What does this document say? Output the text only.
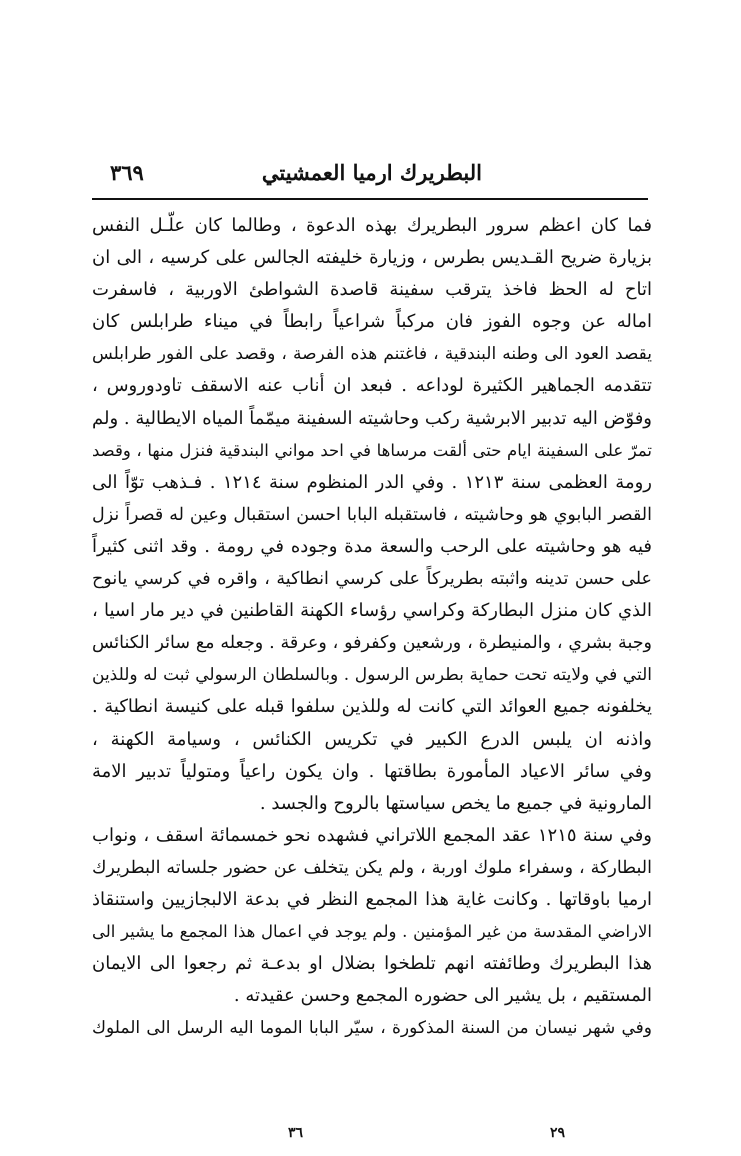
البطريرك ارميا العمشيتي
٣٦٩
فما كان اعظم سرور البطريرك بهذه الدعوة ، وطالما كان علّـل النفس
بزيارة ضريح القـديس بطرس ، وزيارة خليفته الجالس على كرسيه ، الى ان
اتاح له الحظ فاخذ يترقب سفينة قاصدة الشواطئ الاوربية ، فاسفرت
اماله عن وجوه الفوز فان مركباً شراعياً رابطاً في ميناء طرابلس كان
يقصد العود الى وطنه البندقية ، فاغتنم هذه الفرصة ، وقصد على الفور طرابلس
تتقدمه الجماهير الكثيرة لوداعه . فبعد ان أناب عنه الاسقف تاودوروس ،
وفوّض اليه تدبير الابرشية ركب وحاشيته السفينة ميمّماً المياه الايطالية . ولم
تمرّ على السفينة ايام حتى ألقت مرساها في احد مواني البندقية فنزل منها ، وقصد
رومة العظمى سنة ١٢١٣ . وفي الدر المنظوم سنة ١٢١٤ . فـذهب توّاً الى
القصر البابوي هو وحاشيته ، فاستقبله البابا احسن استقبال وعين له قصراً نزل
فيه هو وحاشيته على الرحب والسعة مدة وجوده في رومة . وقد اثنى كثيراً
على حسن تدينه واثبته بطريركاً على كرسي انطاكية ، واقره في كرسي يانوح
الذي كان منزل البطاركة وكراسي رؤساء الكهنة القاطنين في دير مار اسيا ،
وجبة بشري ، والمنيطرة ، ورشعين وكفرفو ، وعرقة . وجعله مع سائر الكنائس
التي في ولايته تحت حماية بطرس الرسول . وبالسلطان الرسولي ثبت له وللذين
يخلفونه جميع العوائد التي كانت له وللذين سلفوا قبله على كنيسة انطاكية .
واذنه ان يلبس الدرع الكبير في تكريس الكنائس ، وسيامة الكهنة ،
وفي سائر الاعياد المأمورة بطاقتها . وان يكون راعياً ومتولياً تدبير الامة
المارونية في جميع ما يخص سياستها بالروح والجسد .
وفي سنة ١٢١٥ عقد المجمع اللاتراني فشهده نحو خمسمائة اسقف ، ونواب
البطاركة ، وسفراء ملوك اوربة ، ولم يكن يتخلف عن حضور جلساته البطريرك
ارميا باوقاتها . وكانت غاية هذا المجمع النظر في بدعة الالبجازيين واستنقاذ
الاراضي المقدسة من غير المؤمنين . ولم يوجد في اعمال هذا المجمع ما يشير الى
هذا البطريرك وطائفته انهم تلطخوا بضلال او بدعـة ثم رجعوا الى الايمان
المستقيم ، بل يشير الى حضوره المجمع وحسن عقيدته .
وفي شهر نيسان من السنة المذكورة ، سيّر البابا الموما اليه الرسل الى الملوك
٣٦	٢٩
